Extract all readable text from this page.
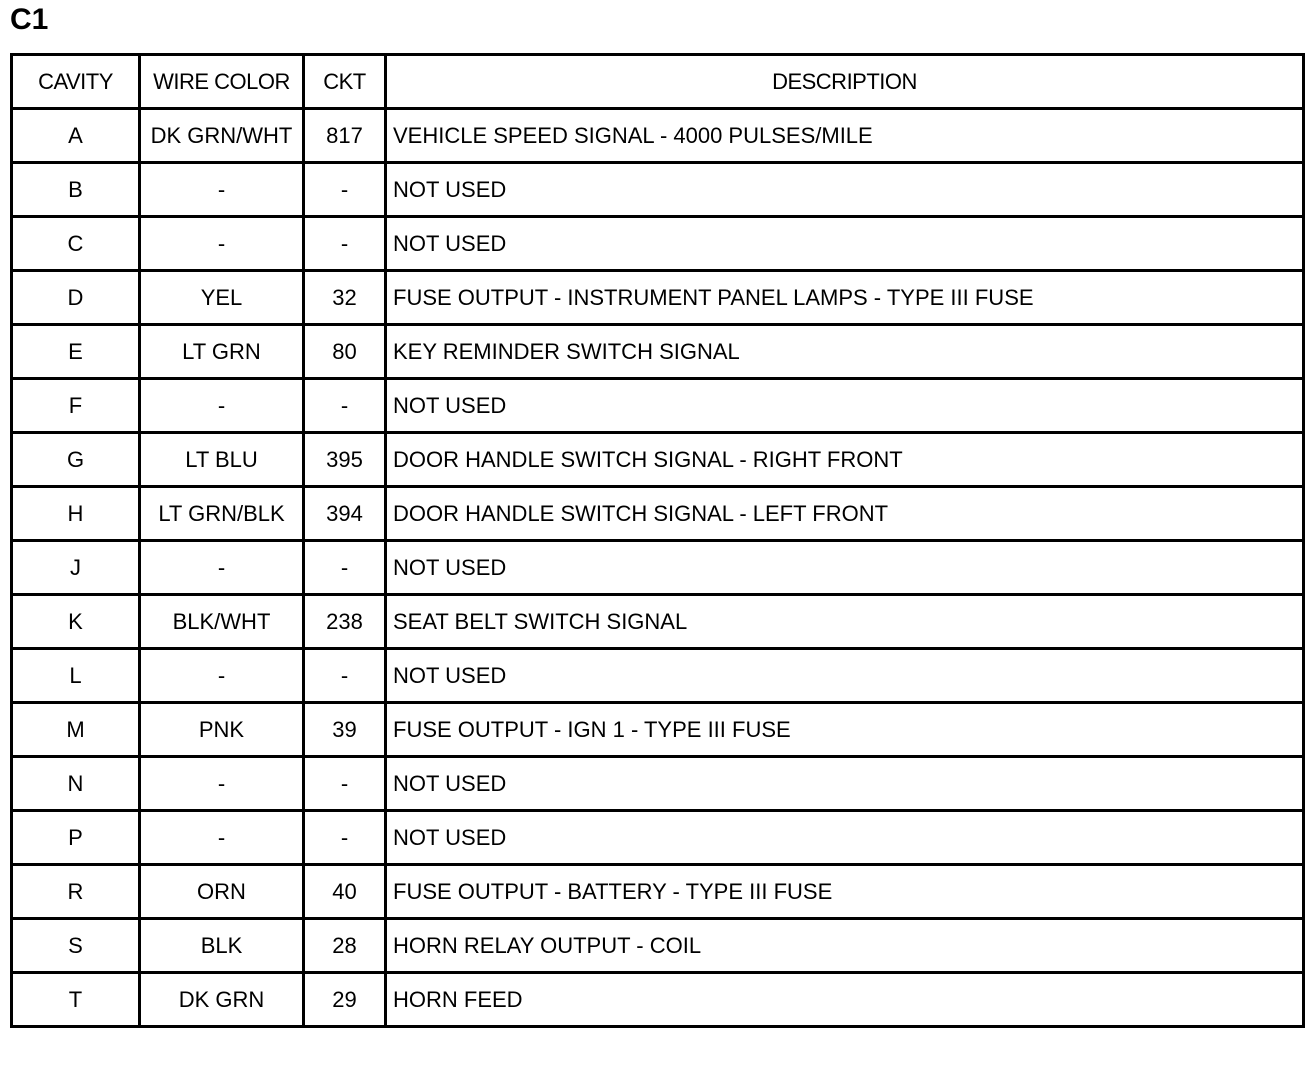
C1
CAVITY	WIRE COLOR	CKT	DESCRIPTION
A	DK GRN/WHT	817	VEHICLE SPEED SIGNAL - 4000 PULSES/MILE
B	-	-	NOT USED
C	-	-	NOT USED
D	YEL	32	FUSE OUTPUT - INSTRUMENT PANEL LAMPS - TYPE III FUSE
E	LT GRN	80	KEY REMINDER SWITCH SIGNAL
F	-	-	NOT USED
G	LT BLU	395	DOOR HANDLE SWITCH SIGNAL - RIGHT FRONT
H	LT GRN/BLK	394	DOOR HANDLE SWITCH SIGNAL - LEFT FRONT
J	-	-	NOT USED
K	BLK/WHT	238	SEAT BELT SWITCH SIGNAL
L	-	-	NOT USED
M	PNK	39	FUSE OUTPUT - IGN 1 - TYPE III FUSE
N	-	-	NOT USED
P	-	-	NOT USED
R	ORN	40	FUSE OUTPUT - BATTERY - TYPE III FUSE
S	BLK	28	HORN RELAY OUTPUT - COIL
T	DK GRN	29	HORN FEED
